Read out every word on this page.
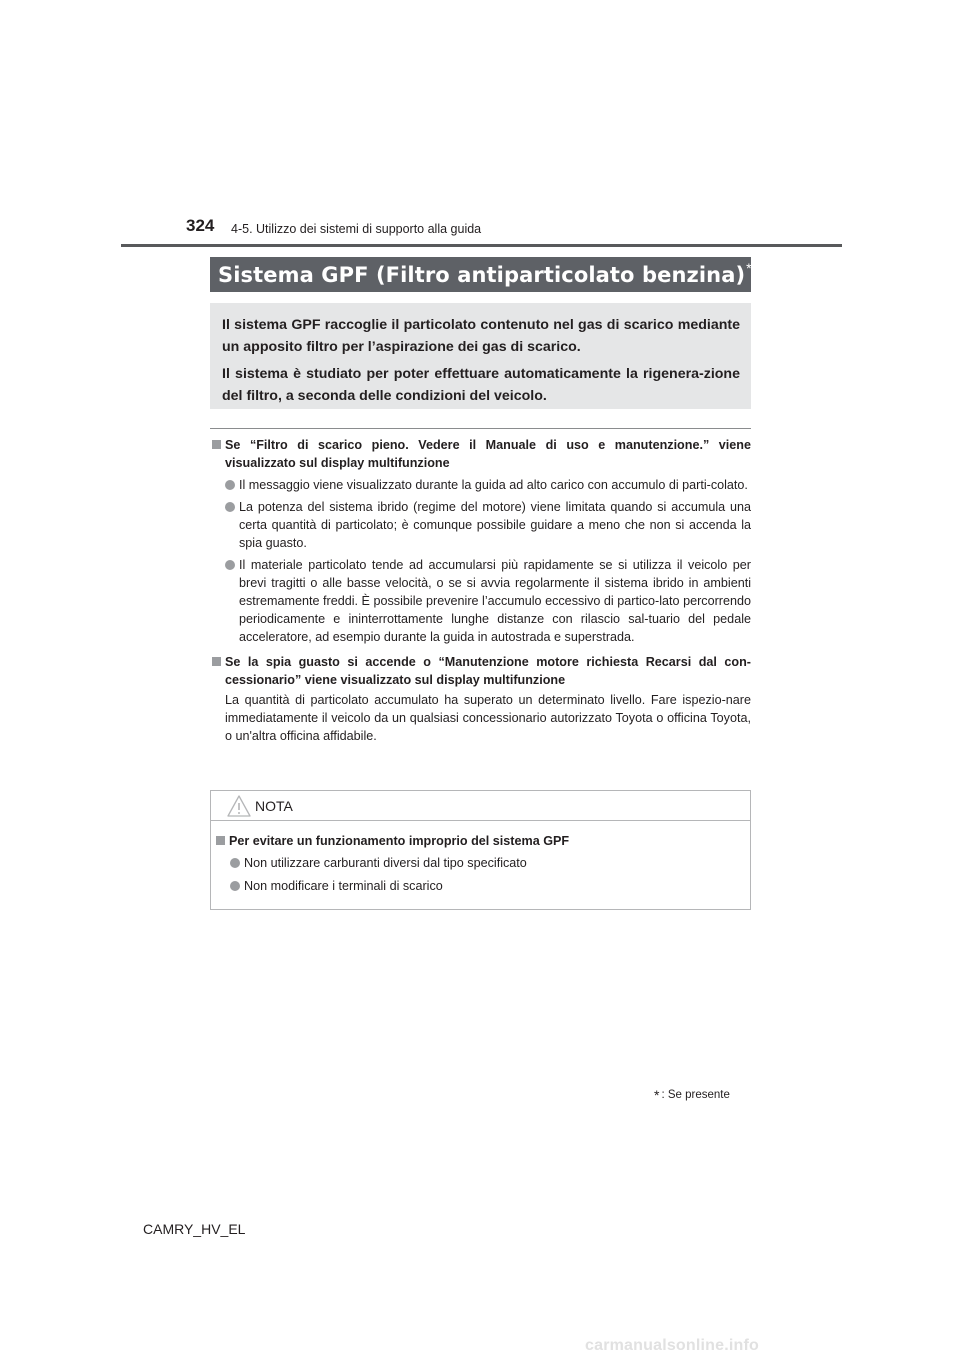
324 4-5. Utilizzo dei sistemi di supporto alla guida
Sistema GPF (Filtro antiparticolato benzina) *

Il sistema GPF raccoglie il particolato contenuto nel gas di scarico mediante un apposito filtro per l’aspirazione dei gas di scarico.

Il sistema è studiato per poter effettuare automaticamente la rigenera-zione del filtro, a seconda delle condizioni del veicolo.

Se “Filtro di scarico pieno. Vedere il Manuale di uso e manutenzione.” viene visualizzato sul display multifunzione
Il messaggio viene visualizzato durante la guida ad alto carico con accumulo di parti-colato.
La potenza del sistema ibrido (regime del motore) viene limitata quando si accumula una certa quantità di particolato; è comunque possibile guidare a meno che non si accenda la spia guasto.
Il materiale particolato tende ad accumularsi più rapidamente se si utilizza il veicolo per brevi tragitti o alle basse velocità, o se si avvia regolarmente il sistema ibrido in ambienti estremamente freddi. È possibile prevenire l’accumulo eccessivo di partico-lato percorrendo periodicamente e ininterrottamente lunghe distanze con rilascio sal-tuario del pedale acceleratore, ad esempio durante la guida in autostrada e superstrada.
Se la spia guasto si accende o “Manutenzione motore richiesta Recarsi dal con-cessionario” viene visualizzato sul display multifunzione
La quantità di particolato accumulato ha superato un determinato livello. Fare ispezio-nare immediatamente il veicolo da un qualsiasi concessionario autorizzato Toyota o officina Toyota, o un'altra officina affidabile.
NOTA
Per evitare un funzionamento improprio del sistema GPF
Non utilizzare carburanti diversi dal tipo specificato
Non modificare i terminali di scarico
* : Se presente
CAMRY_HV_EL
carmanualsonline.info
